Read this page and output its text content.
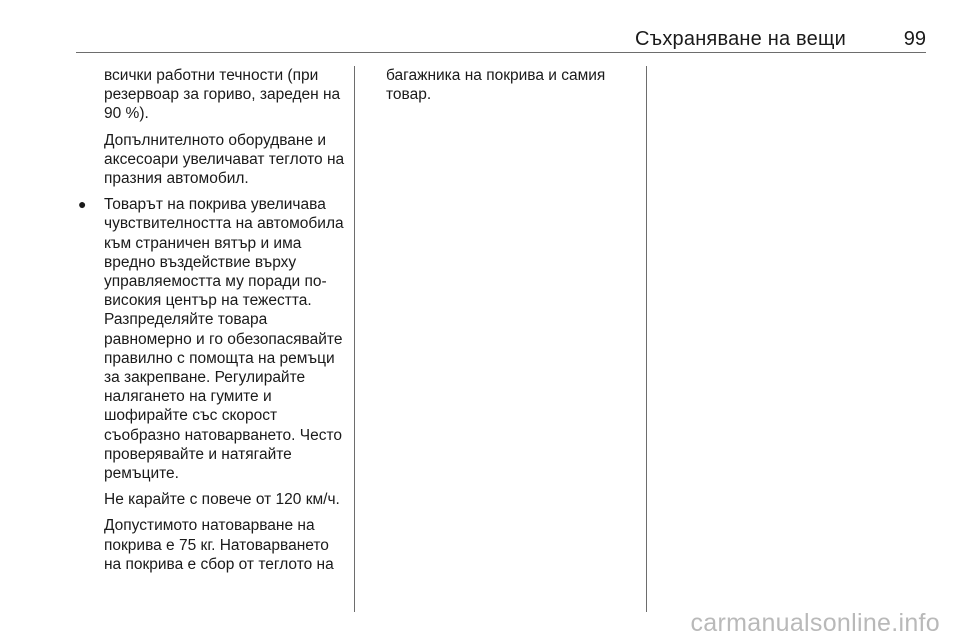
Съхраняване на вещи	99

всички работни течности (при резервоар за гориво, зареден на 90 %).

Допълнителното оборудване и аксесоари увеличават теглото на празния автомобил.

● Товарът на покрива увеличава чувствителността на автомобила към страничен вятър и има вредно въздействие върху управляемостта му поради по-високия център на тежестта. Разпределяйте товара равномерно и го обезопасявайте правилно с помощта на ремъци за закрепване. Регулирайте налягането на гумите и шофирайте със скорост съобразно натоварването. Често проверявайте и натягайте ремъците.

Не карайте с повече от 120 км/ч.

Допустимото натоварване на покрива е 75 кг. Натоварването на покрива е сбор от теглото на

багажника на покрива и самия товар.

carmanualsonline.info
